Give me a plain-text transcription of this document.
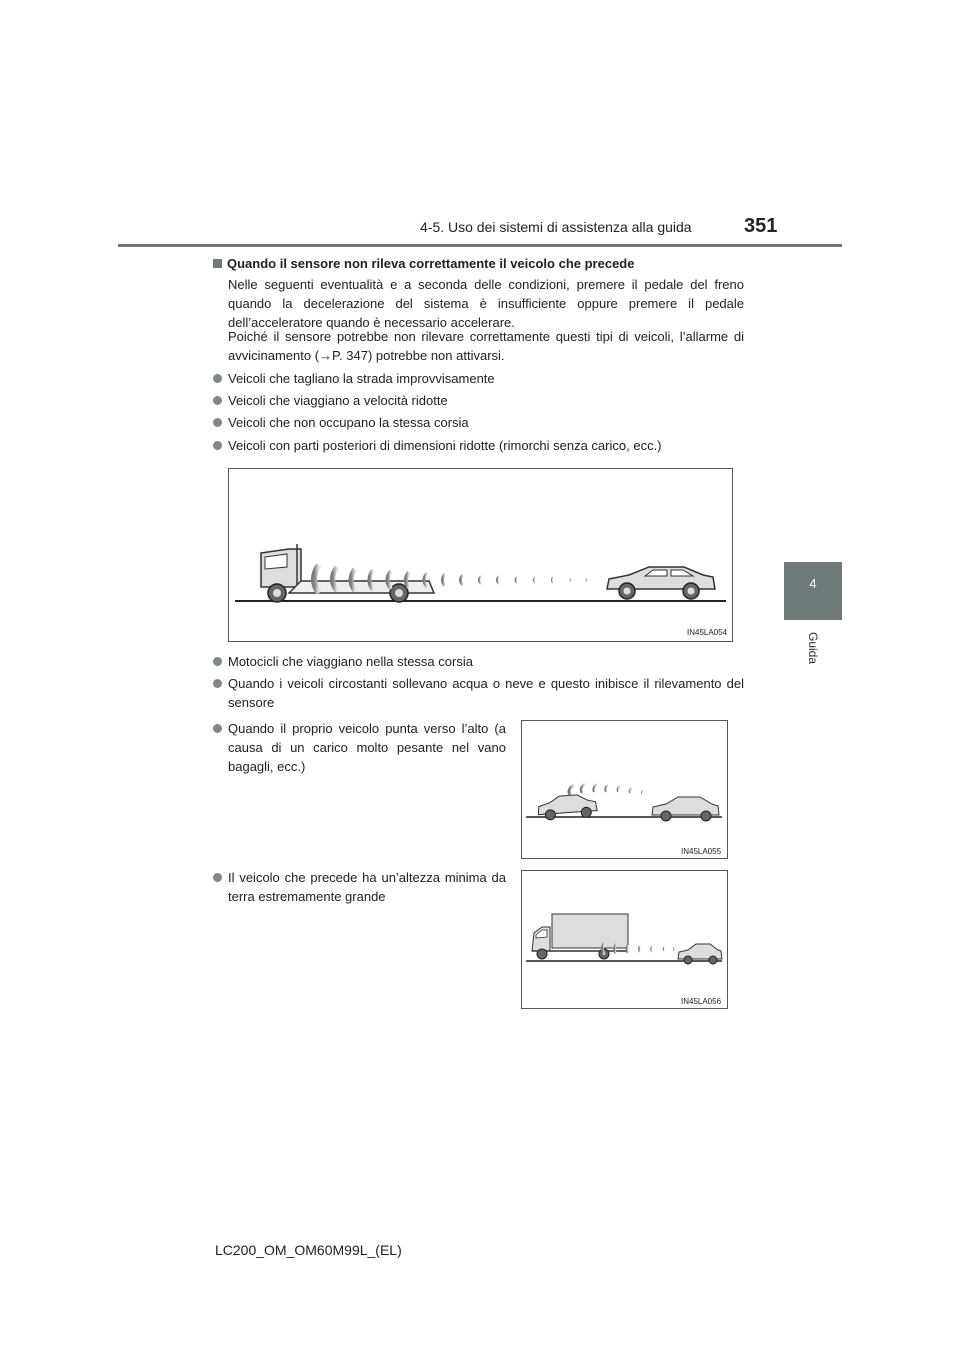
4-5. Uso dei sistemi di assistenza alla guida	351
4
Guida
Quando il sensore non rileva correttamente il veicolo che precede
Nelle seguenti eventualità e a seconda delle condizioni, premere il pedale del freno quando la decelerazione del sistema è insufficiente oppure premere il pedale dell’acceleratore quando è necessario accelerare.
Poiché il sensore potrebbe non rilevare correttamente questi tipi di veicoli, l’allarme di avvicinamento (→P. 347) potrebbe non attivarsi.
Veicoli che tagliano la strada improvvisamente
Veicoli che viaggiano a velocità ridotte
Veicoli che non occupano la stessa corsia
Veicoli con parti posteriori di dimensioni ridotte (rimorchi senza carico, ecc.)
IN45LA054
Motocicli che viaggiano nella stessa corsia
Quando i veicoli circostanti sollevano acqua o neve e questo inibisce il rilevamento del sensore
Quando il proprio veicolo punta verso l’alto (a causa di un carico molto pesante nel vano bagagli, ecc.)
IN45LA055
Il veicolo che precede ha un’altezza minima da terra estremamente grande
IN45LA056
LC200_OM_OM60M99L_(EL)
